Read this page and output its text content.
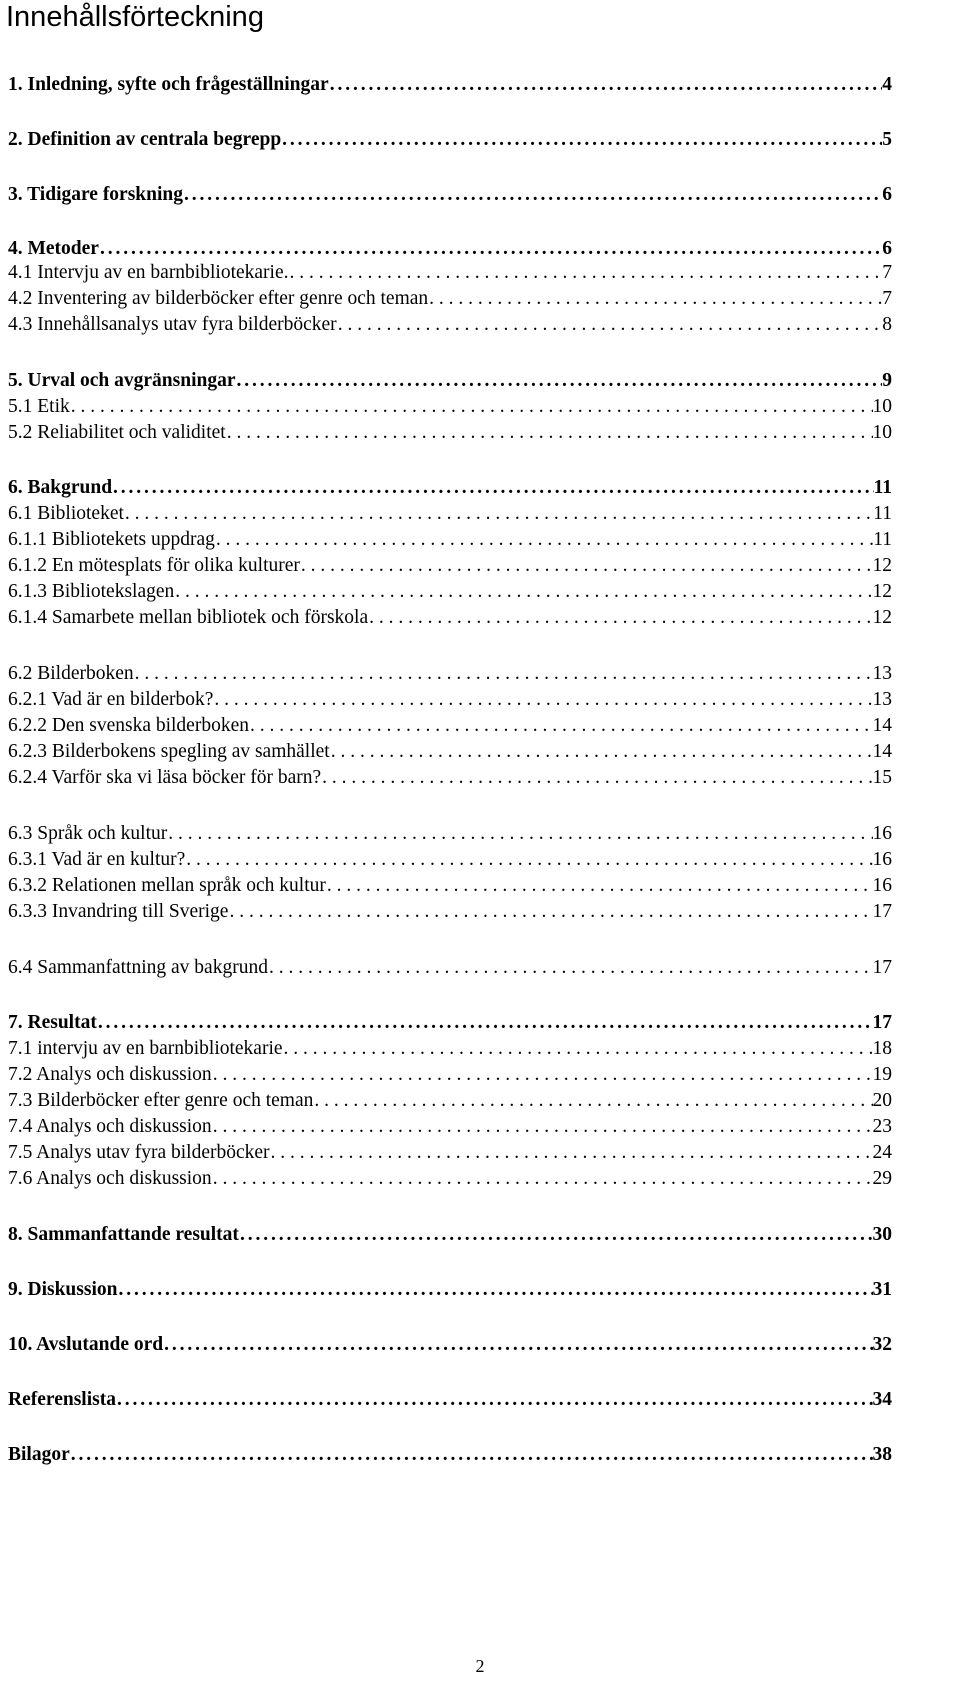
Innehållsförteckning
1. Inledning, syfte och frågeställningar . . .	4
2. Definition av centrala begrepp . . .	5
3. Tidigare forskning . . .	6
4. Metoder . . .	6
4.1 Intervju av en barnbibliotekarie. . . .	7
4.2 Inventering av bilderböcker efter genre och teman . . .	7
4.3 Innehållsanalys utav fyra bilderböcker . . .	8
5. Urval och avgränsningar . . .	9
5.1 Etik . . .	10
5.2 Reliabilitet och validitet . . .	10
6. Bakgrund . . .	11
6.1 Biblioteket . . .	11
6.1.1 Bibliotekets uppdrag . . .	11
6.1.2 En mötesplats för olika kulturer . . .	12
6.1.3 Bibliotekslagen . . .	12
6.1.4 Samarbete mellan bibliotek och förskola . . .	12
6.2 Bilderboken . . .	13
6.2.1 Vad är en bilderbok? . . .	13
6.2.2 Den svenska bilderboken . . .	14
6.2.3 Bilderbokens spegling av samhället . . .	14
6.2.4 Varför ska vi läsa böcker för barn? . . .	15
6.3 Språk och kultur . . .	16
6.3.1 Vad är en kultur? . . .	16
6.3.2 Relationen mellan språk och kultur . . .	16
6.3.3 Invandring till Sverige . . .	17
6.4 Sammanfattning av bakgrund . . .	17
7. Resultat . . .	17
7.1 intervju av en barnbibliotekarie . . .	18
7.2 Analys och diskussion . . .	19
7.3 Bilderböcker efter genre och teman . . .	20
7.4 Analys och diskussion . . .	23
7.5 Analys utav fyra bilderböcker . . .	24
7.6 Analys och diskussion . . .	29
8. Sammanfattande resultat . . .	30
9. Diskussion . . .	31
10. Avslutande ord . . .	32
Referenslista . . .	34
Bilagor . . .	38
2
